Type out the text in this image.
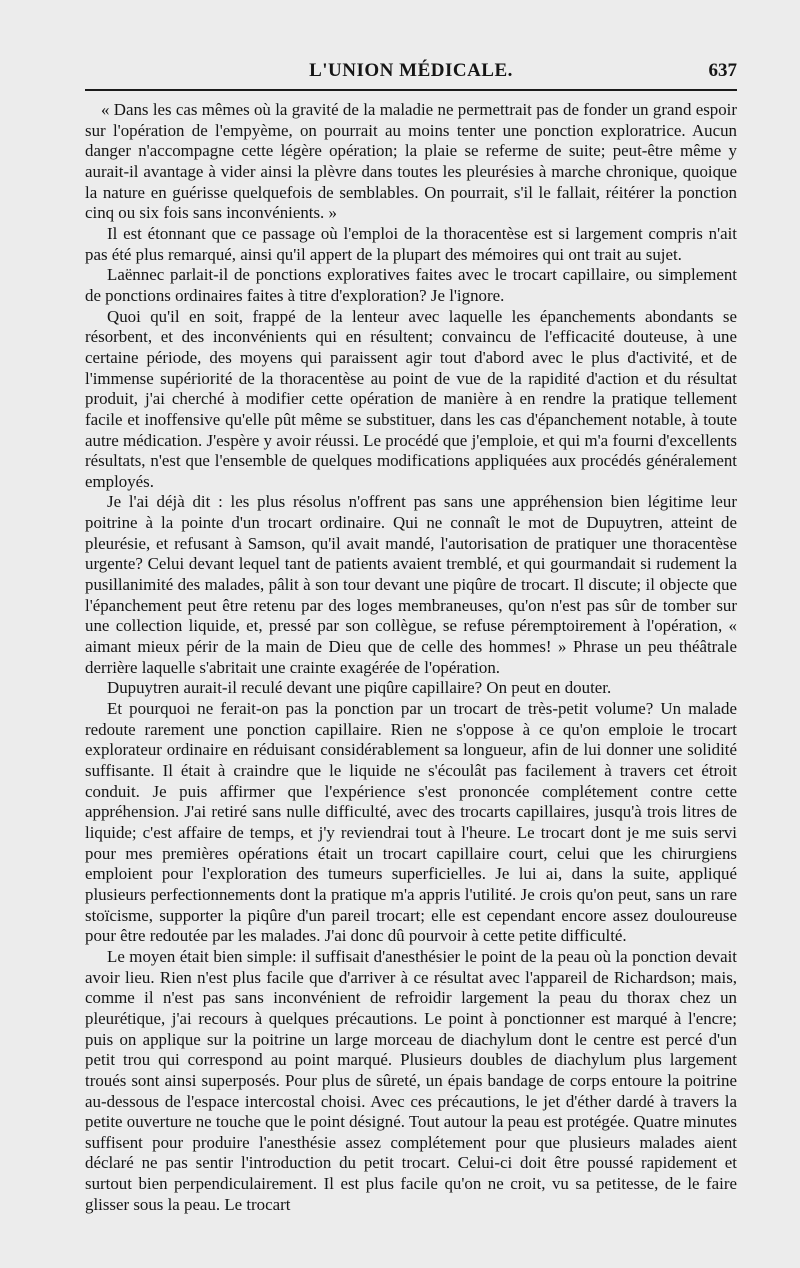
L'UNION MÉDICALE.	637

« Dans les cas mêmes où la gravité de la maladie ne permettrait pas de fonder un grand espoir sur l'opération de l'empyème, on pourrait au moins tenter une ponction exploratrice. Aucun danger n'accompagne cette légère opération; la plaie se referme de suite; peut-être même y aurait-il avantage à vider ainsi la plèvre dans toutes les pleurésies à marche chronique, quoique la nature en guérisse quelquefois de semblables. On pourrait, s'il le fallait, réitérer la ponction cinq ou six fois sans inconvénients. »

Il est étonnant que ce passage où l'emploi de la thoracentèse est si largement compris n'ait pas été plus remarqué, ainsi qu'il appert de la plupart des mémoires qui ont trait au sujet.

Laënnec parlait-il de ponctions exploratives faites avec le trocart capillaire, ou simplement de ponctions ordinaires faites à titre d'exploration? Je l'ignore.

Quoi qu'il en soit, frappé de la lenteur avec laquelle les épanchements abondants se résorbent, et des inconvénients qui en résultent; convaincu de l'efficacité douteuse, à une certaine période, des moyens qui paraissent agir tout d'abord avec le plus d'activité, et de l'immense supériorité de la thoracentèse au point de vue de la rapidité d'action et du résultat produit, j'ai cherché à modifier cette opération de manière à en rendre la pratique tellement facile et inoffensive qu'elle pût même se substituer, dans les cas d'épanchement notable, à toute autre médication. J'espère y avoir réussi. Le procédé que j'emploie, et qui m'a fourni d'excellents résultats, n'est que l'ensemble de quelques modifications appliquées aux procédés généralement employés.

Je l'ai déjà dit : les plus résolus n'offrent pas sans une appréhension bien légitime leur poitrine à la pointe d'un trocart ordinaire. Qui ne connaît le mot de Dupuytren, atteint de pleurésie, et refusant à Samson, qu'il avait mandé, l'autorisation de pratiquer une thoracentèse urgente? Celui devant lequel tant de patients avaient tremblé, et qui gourmandait si rudement la pusillanimité des malades, pâlit à son tour devant une piqûre de trocart. Il discute; il objecte que l'épanchement peut être retenu par des loges membraneuses, qu'on n'est pas sûr de tomber sur une collection liquide, et, pressé par son collègue, se refuse péremptoirement à l'opération, « aimant mieux périr de la main de Dieu que de celle des hommes! » Phrase un peu théâtrale derrière laquelle s'abritait une crainte exagérée de l'opération.

Dupuytren aurait-il reculé devant une piqûre capillaire? On peut en douter.

Et pourquoi ne ferait-on pas la ponction par un trocart de très-petit volume? Un malade redoute rarement une ponction capillaire. Rien ne s'oppose à ce qu'on emploie le trocart explorateur ordinaire en réduisant considérablement sa longueur, afin de lui donner une solidité suffisante. Il était à craindre que le liquide ne s'écoulât pas facilement à travers cet étroit conduit. Je puis affirmer que l'expérience s'est prononcée complétement contre cette appréhension. J'ai retiré sans nulle difficulté, avec des trocarts capillaires, jusqu'à trois litres de liquide; c'est affaire de temps, et j'y reviendrai tout à l'heure. Le trocart dont je me suis servi pour mes premières opérations était un trocart capillaire court, celui que les chirurgiens emploient pour l'exploration des tumeurs superficielles. Je lui ai, dans la suite, appliqué plusieurs perfectionnements dont la pratique m'a appris l'utilité. Je crois qu'on peut, sans un rare stoïcisme, supporter la piqûre d'un pareil trocart; elle est cependant encore assez douloureuse pour être redoutée par les malades. J'ai donc dû pourvoir à cette petite difficulté.

Le moyen était bien simple: il suffisait d'anesthésier le point de la peau où la ponction devait avoir lieu. Rien n'est plus facile que d'arriver à ce résultat avec l'appareil de Richardson; mais, comme il n'est pas sans inconvénient de refroidir largement la peau du thorax chez un pleurétique, j'ai recours à quelques précautions. Le point à ponctionner est marqué à l'encre; puis on applique sur la poitrine un large morceau de diachylum dont le centre est percé d'un petit trou qui correspond au point marqué. Plusieurs doubles de diachylum plus largement troués sont ainsi superposés. Pour plus de sûreté, un épais bandage de corps entoure la poitrine au-dessous de l'espace intercostal choisi. Avec ces précautions, le jet d'éther dardé à travers la petite ouverture ne touche que le point désigné. Tout autour la peau est protégée. Quatre minutes suffisent pour produire l'anesthésie assez complétement pour que plusieurs malades aient déclaré ne pas sentir l'introduction du petit trocart. Celui-ci doit être poussé rapidement et surtout bien perpendiculairement. Il est plus facile qu'on ne croit, vu sa petitesse, de le faire glisser sous la peau. Le trocart
